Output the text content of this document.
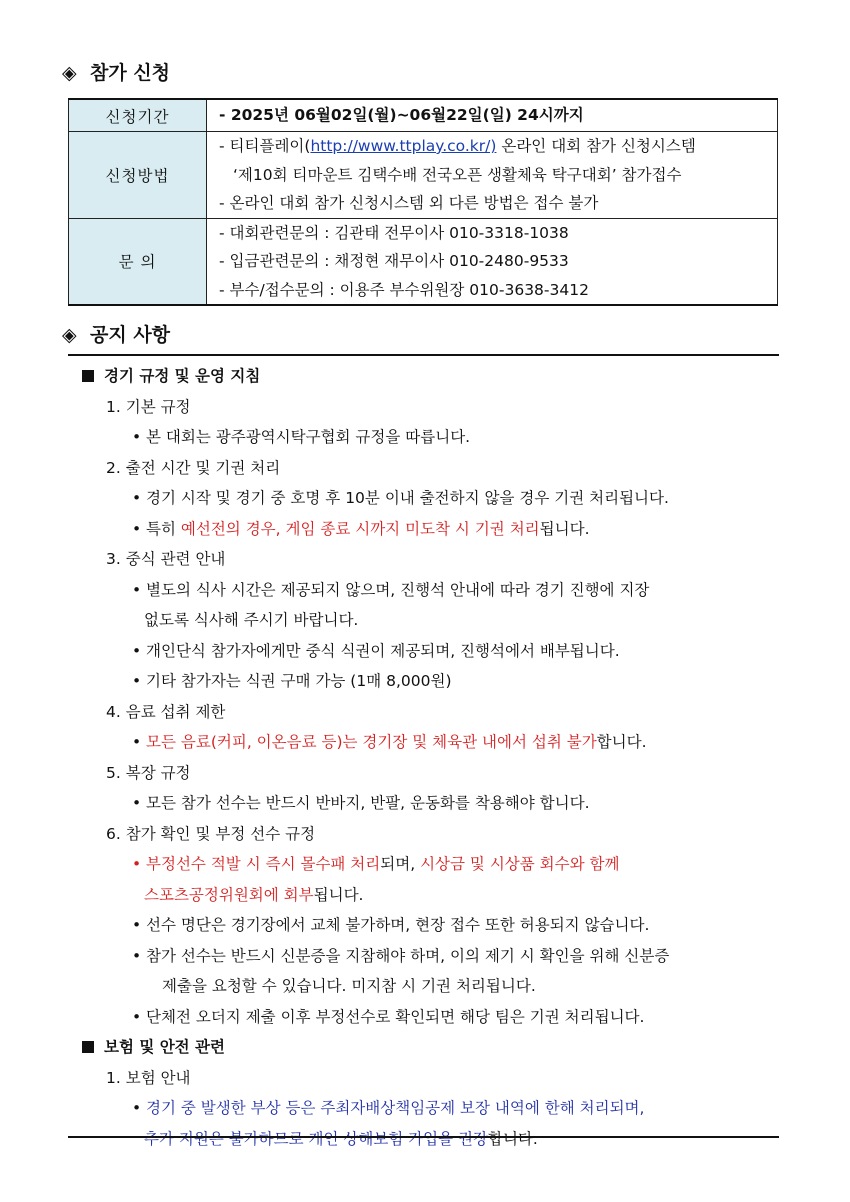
◈ 참가 신청
신청기간	- 2025년 06월02일(월)~06월22일(일) 24시까지

신청방법	- 티티플레이(http://www.ttplay.co.kr/) 온라인 대회 참가 신청시스템
‘제10회 티마운트 김택수배 전국오픈 생활체육 탁구대회’ 참가접수
- 온라인 대회 참가 신청시스템 외 다른 방법은 접수 불가

문 의	- 대회관련문의 : 김관태 전무이사 010-3318-1038
- 입금관련문의 : 채정현 재무이사 010-2480-9533
- 부수/접수문의 : 이용주 부수위원장 010-3638-3412
◈ 공지 사항
경기 규정 및 운영 지침
1. 기본 규정
• 본 대회는 광주광역시탁구협회 규정을 따릅니다.
2. 출전 시간 및 기권 처리
• 경기 시작 및 경기 중 호명 후 10분 이내 출전하지 않을 경우 기권 처리됩니다.
• 특히 예선전의 경우, 게임 종료 시까지 미도착 시 기권 처리됩니다.
3. 중식 관련 안내
• 별도의 식사 시간은 제공되지 않으며, 진행석 안내에 따라 경기 진행에 지장
없도록 식사해 주시기 바랍니다.
• 개인단식 참가자에게만 중식 식권이 제공되며, 진행석에서 배부됩니다.
• 기타 참가자는 식권 구매 가능 (1매 8,000원)
4. 음료 섭취 제한
• 모든 음료(커피, 이온음료 등)는 경기장 및 체육관 내에서 섭취 불가합니다.
5. 복장 규정
• 모든 참가 선수는 반드시 반바지, 반팔, 운동화를 착용해야 합니다.
6. 참가 확인 및 부정 선수 규정
• 부정선수 적발 시 즉시 몰수패 처리되며, 시상금 및 시상품 회수와 함께
스포츠공정위원회에 회부됩니다.
• 선수 명단은 경기장에서 교체 불가하며, 현장 접수 또한 허용되지 않습니다.
• 참가 선수는 반드시 신분증을 지참해야 하며, 이의 제기 시 확인을 위해 신분증
제출을 요청할 수 있습니다. 미지참 시 기권 처리됩니다.
• 단체전 오더지 제출 이후 부정선수로 확인되면 해당 팀은 기권 처리됩니다.
보험 및 안전 관련
1. 보험 안내
• 경기 중 발생한 부상 등은 주최자배상책임공제 보장 내역에 한해 처리되며,
추가 지원은 불가하므로 개인 상해보험 가입을 권장합니다.
